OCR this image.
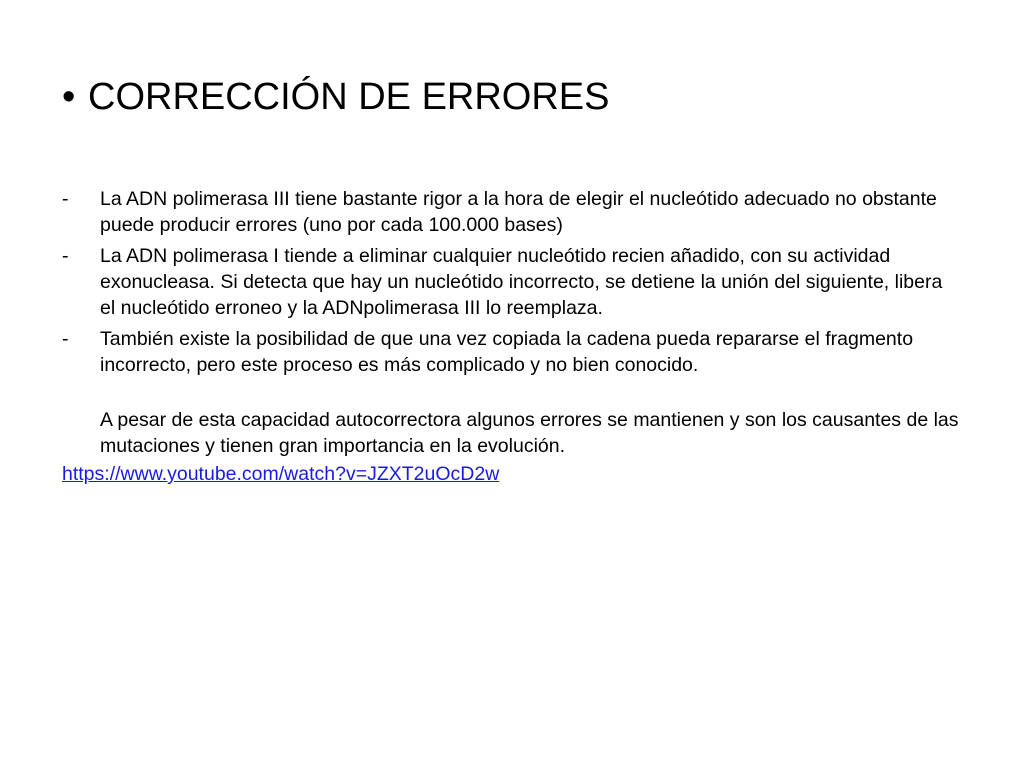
• CORRECCIÓN DE ERRORES
- La ADN polimerasa III tiene bastante rigor a la hora de elegir el nucleótido adecuado no obstante puede producir errores (uno por cada 100.000 bases)
- La ADN polimerasa I tiende a eliminar cualquier nucleótido recien añadido, con su actividad exonucleasa. Si detecta que hay un nucleótido incorrecto, se detiene la unión del siguiente, libera el nucleótido erroneo y la ADNpolimerasa III lo reemplaza.
- También existe la posibilidad de que una vez copiada la cadena pueda repararse el fragmento incorrecto, pero este proceso es más complicado y no bien conocido.
A pesar de esta capacidad autocorrectora algunos errores se mantienen y son los causantes de las mutaciones y tienen gran importancia en la evolución.
https://www.youtube.com/watch?v=JZXT2uOcD2w
